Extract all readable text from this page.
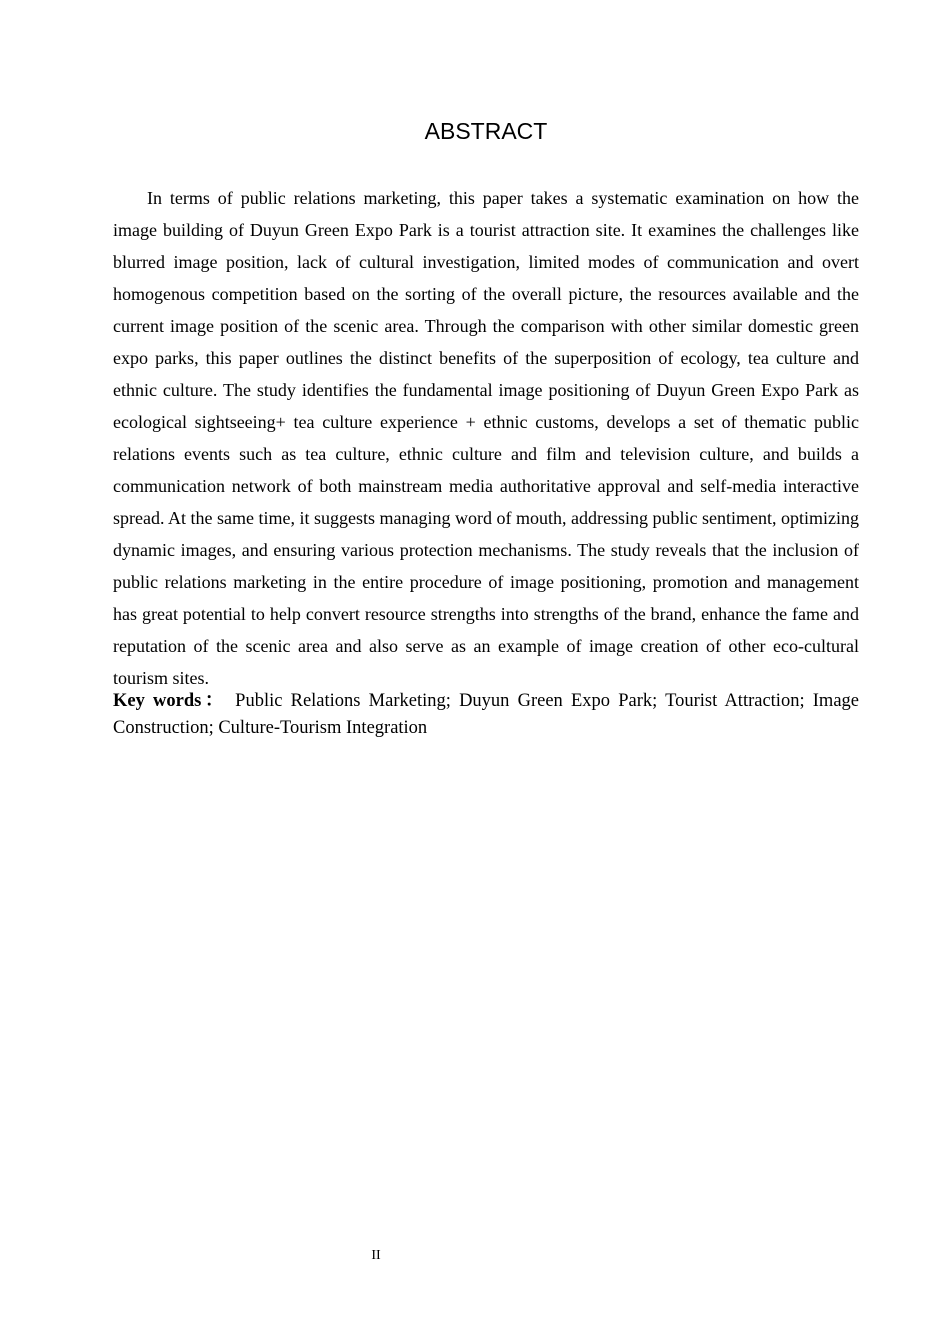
ABSTRACT

In terms of public relations marketing, this paper takes a systematic examination on how the image building of Duyun Green Expo Park is a tourist attraction site. It examines the challenges like blurred image position, lack of cultural investigation, limited modes of communication and overt homogenous competition based on the sorting of the overall picture, the resources available and the current image position of the scenic area. Through the comparison with other similar domestic green expo parks, this paper outlines the distinct benefits of the superposition of ecology, tea culture and ethnic culture. The study identifies the fundamental image positioning of Duyun Green Expo Park as ecological sightseeing+ tea culture experience + ethnic customs, develops a set of thematic public relations events such as tea culture, ethnic culture and film and television culture, and builds a communication network of both mainstream media authoritative approval and self-media interactive spread. At the same time, it suggests managing word of mouth, addressing public sentiment, optimizing dynamic images, and ensuring various protection mechanisms. The study reveals that the inclusion of public relations marketing in the entire procedure of image positioning, promotion and management has great potential to help convert resource strengths into strengths of the brand, enhance the fame and reputation of the scenic area and also serve as an example of image creation of other eco-cultural tourism sites.

Key words： Public Relations Marketing; Duyun Green Expo Park; Tourist Attraction; Image Construction; Culture-Tourism Integration

II
